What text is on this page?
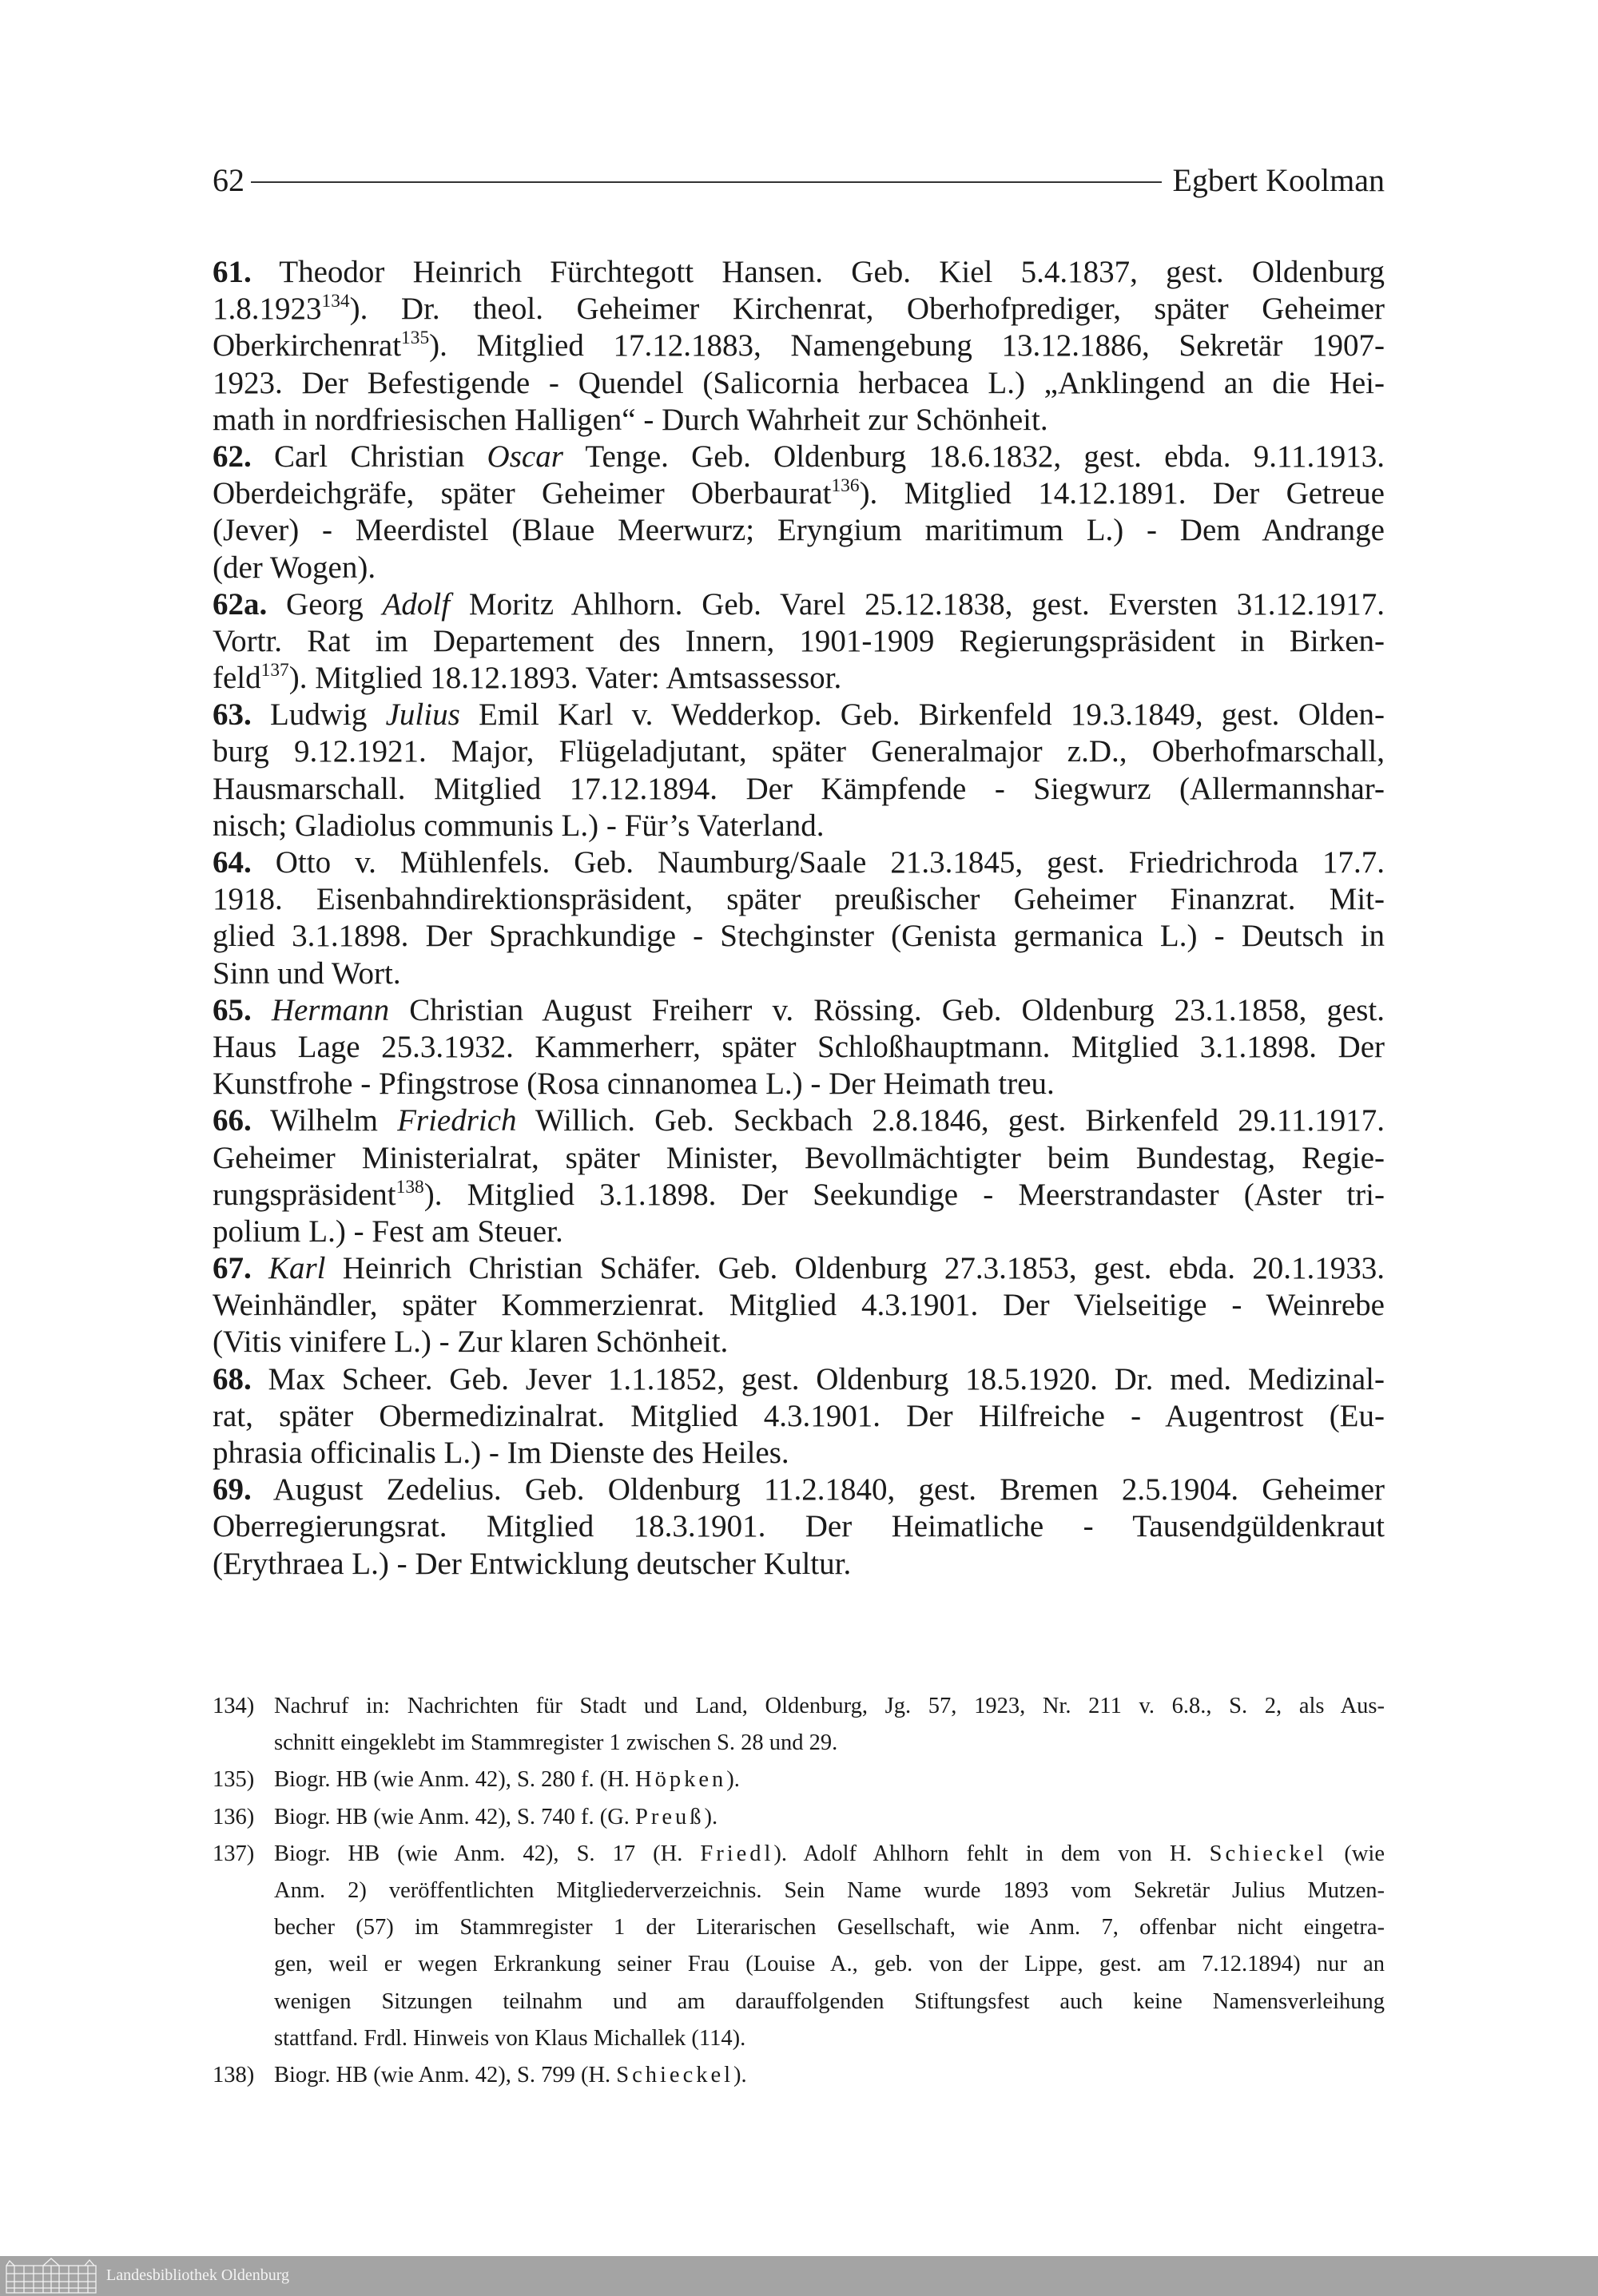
62	Egbert Koolman
61. Theodor Heinrich Fürchtegott Hansen. Geb. Kiel 5.4.1837, gest. Oldenburg
1.8.1923$^{134}$). Dr. theol. Geheimer Kirchenrat, Oberhofprediger, später Geheimer
Oberkirchenrat$^{135}$). Mitglied 17.12.1883, Namengebung 13.12.1886, Sekretär 1907-
1923. Der Befestigende - Quendel (Salicornia herbacea L.) „Anklingend an die Hei-
math in nordfriesischen Halligen“ - Durch Wahrheit zur Schönheit.
62. Carl Christian Oscar Tenge. Geb. Oldenburg 18.6.1832, gest. ebda. 9.11.1913.
Oberdeichgräfe, später Geheimer Oberbaurat$^{136}$). Mitglied 14.12.1891. Der Getreue
(Jever) - Meerdistel (Blaue Meerwurz; Eryngium maritimum L.) - Dem Andrange
(der Wogen).
62a. Georg Adolf Moritz Ahlhorn. Geb. Varel 25.12.1838, gest. Eversten 31.12.1917.
Vortr. Rat im Departement des Innern, 1901-1909 Regierungspräsident in Birken-
feld$^{137}$). Mitglied 18.12.1893. Vater: Amtsassessor.
63. Ludwig Julius Emil Karl v. Wedderkop. Geb. Birkenfeld 19.3.1849, gest. Olden-
burg 9.12.1921. Major, Flügeladjutant, später Generalmajor z.D., Oberhofmarschall,
Hausmarschall. Mitglied 17.12.1894. Der Kämpfende - Siegwurz (Allermannshar-
nisch; Gladiolus communis L.) - Für’s Vaterland.
64. Otto v. Mühlenfels. Geb. Naumburg/Saale 21.3.1845, gest. Friedrichroda 17.7.
1918. Eisenbahndirektionspräsident, später preußischer Geheimer Finanzrat. Mit-
glied 3.1.1898. Der Sprachkundige - Stechginster (Genista germanica L.) - Deutsch in
Sinn und Wort.
65. Hermann Christian August Freiherr v. Rössing. Geb. Oldenburg 23.1.1858, gest.
Haus Lage 25.3.1932. Kammerherr, später Schloßhauptmann. Mitglied 3.1.1898. Der
Kunstfrohe - Pfingstrose (Rosa cinnanomea L.) - Der Heimath treu.
66. Wilhelm Friedrich Willich. Geb. Seckbach 2.8.1846, gest. Birkenfeld 29.11.1917.
Geheimer Ministerialrat, später Minister, Bevollmächtigter beim Bundestag, Regie-
rungspräsident$^{138}$). Mitglied 3.1.1898. Der Seekundige - Meerstrandaster (Aster tri-
polium L.) - Fest am Steuer.
67. Karl Heinrich Christian Schäfer. Geb. Oldenburg 27.3.1853, gest. ebda. 20.1.1933.
Weinhändler, später Kommerzienrat. Mitglied 4.3.1901. Der Vielseitige - Weinrebe
(Vitis vinifere L.) - Zur klaren Schönheit.
68. Max Scheer. Geb. Jever 1.1.1852, gest. Oldenburg 18.5.1920. Dr. med. Medizinal-
rat, später Obermedizinalrat. Mitglied 4.3.1901. Der Hilfreiche - Augentrost (Eu-
phrasia officinalis L.) - Im Dienste des Heiles.
69. August Zedelius. Geb. Oldenburg 11.2.1840, gest. Bremen 2.5.1904. Geheimer
Oberregierungsrat. Mitglied 18.3.1901. Der Heimatliche - Tausendgüldenkraut
(Erythraea L.) - Der Entwicklung deutscher Kultur.
134) Nachruf in: Nachrichten für Stadt und Land, Oldenburg, Jg. 57, 1923, Nr. 211 v. 6.8., S. 2, als Aus-
schnitt eingeklebt im Stammregister 1 zwischen S. 28 und 29.
135) Biogr. HB (wie Anm. 42), S. 280 f. (H. Höpken).
136) Biogr. HB (wie Anm. 42), S. 740 f. (G. Preuß).
137) Biogr. HB (wie Anm. 42), S. 17 (H. Friedl). Adolf Ahlhorn fehlt in dem von H. Schieckel (wie
Anm. 2) veröffentlichten Mitgliederverzeichnis. Sein Name wurde 1893 vom Sekretär Julius Mutzen-
becher (57) im Stammregister 1 der Literarischen Gesellschaft, wie Anm. 7, offenbar nicht eingetra-
gen, weil er wegen Erkrankung seiner Frau (Louise A., geb. von der Lippe, gest. am 7.12.1894) nur an
wenigen Sitzungen teilnahm und am darauffolgenden Stiftungsfest auch keine Namensverleihung
stattfand. Frdl. Hinweis von Klaus Michallek (114).
138) Biogr. HB (wie Anm. 42), S. 799 (H. Schieckel).
Landesbibliothek Oldenburg
